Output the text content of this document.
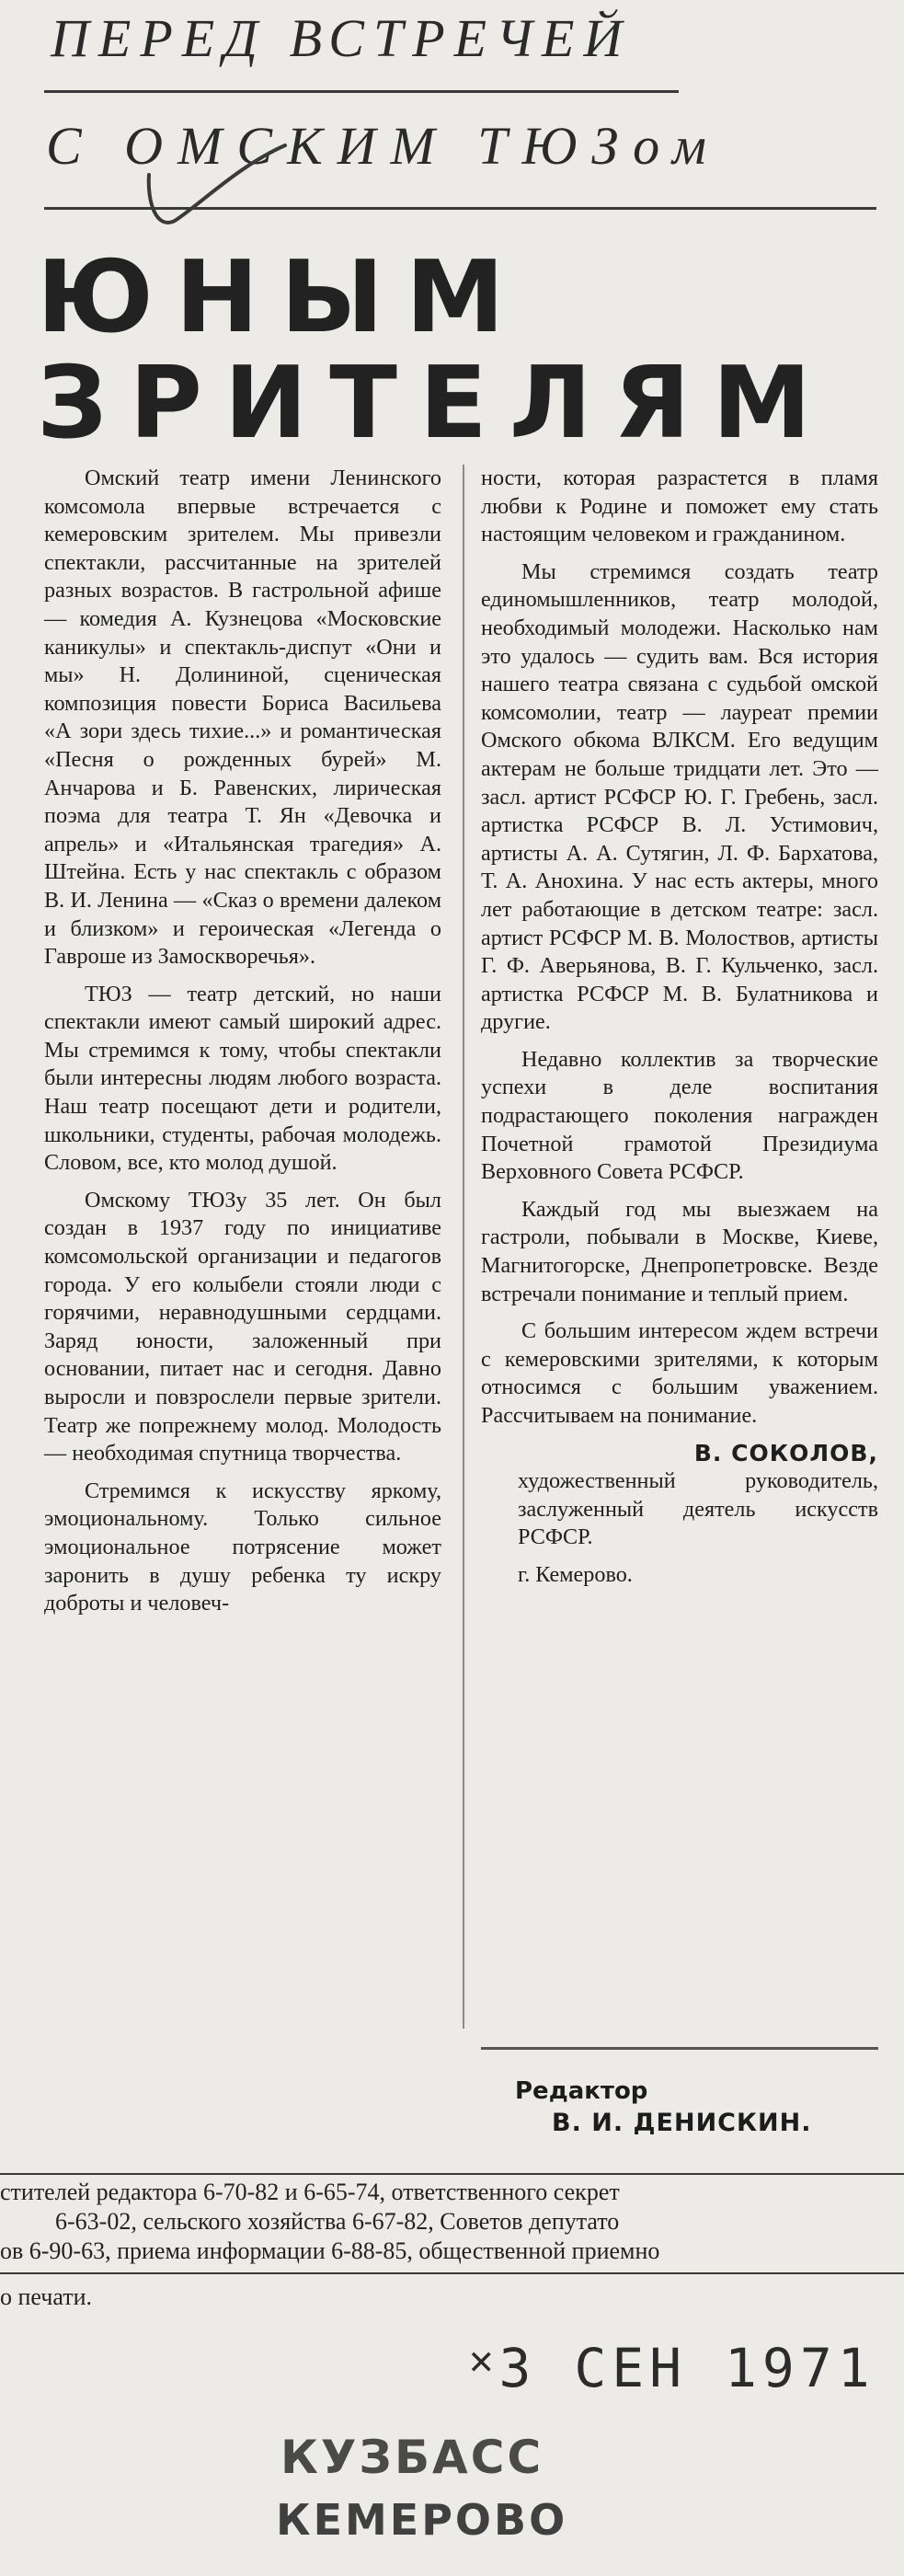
ПЕРЕД ВСТРЕЧЕЙ
С ОМСКИМ ТЮЗом
ЮНЫМ
ЗРИТЕЛЯМ

Омский театр имени Ленинского комсомола впервые встречается с кемеровским зрителем. Мы привезли спектакли, рассчитанные на зрителей разных возрастов. В гастрольной афише — комедия А. Кузнецова «Московские каникулы» и спектакль-диспут «Они и мы» Н. Долининой, сценическая композиция повести Бориса Васильева «А зори здесь тихие...» и романтическая «Песня о рожденных бурей» М. Анчарова и Б. Равенских, лирическая поэма для театра Т. Ян «Девочка и апрель» и «Итальянская трагедия» А. Штейна. Есть у нас спектакль с образом В. И. Ленина — «Сказ о времени далеком и близком» и героическая «Легенда о Гаврошe из Замоскворечья».

ТЮЗ — театр детский, но наши спектакли имеют самый широкий адрес. Мы стремимся к тому, чтобы спектакли были интересны людям любого возраста. Наш театр посещают дети и родители, школьники, студенты, рабочая молодежь. Словом, все, кто молод душой.

Омскому ТЮЗу 35 лет. Он был создан в 1937 году по инициативе комсомольской организации и педагогов города. У его колыбели стояли люди с горячими, неравнодушными сердцами. Заряд юности, заложенный при основании, питает нас и сегодня. Давно выросли и повзрослели первые зрители. Театр же попрежнему молод. Молодость — необходимая спутница творчества.

Стремимся к искусству яркому, эмоциональному. Только сильное эмоциональное потрясение может заронить в душу ребенка ту искру доброты и человеч-

ности, которая разрастется в пламя любви к Родине и поможет ему стать настоящим человеком и гражданином.

Мы стремимся создать театр единомышленников, театр молодой, необходимый молодежи. Насколько нам это удалось — судить вам. Вся история нашего театра связана с судьбой омской комсомолии, театр — лауреат премии Омского обкома ВЛКСМ. Его ведущим актерам не больше тридцати лет. Это — засл. артист РСФСР Ю. Г. Гребень, засл. артистка РСФСР В. Л. Устимович, артисты А. А. Сутягин, Л. Ф. Бархатова, Т. А. Анохина. У нас есть актеры, много лет работающие в детском театре: засл. артист РСФСР М. В. Молоствов, артисты Г. Ф. Аверьянова, В. Г. Кульченко, засл. артистка РСФСР М. В. Булатникова и другие.

Недавно коллектив за творческие успехи в деле воспитания подрастающего поколения награжден Почетной грамотой Президиума Верховного Совета РСФСР.

Каждый год мы выезжаем на гастроли, побывали в Москве, Киеве, Магнитогорске, Днепропетровске. Везде встречали понимание и теплый прием.

С большим интересом ждем встречи с кемеровскими зрителями, к которым относимся с большим уважением. Рассчитываем на понимание.

В. СОКОЛОВ,

художественный руководитель, заслуженный деятель искусств РСФСР.

г. Кемерово.

Редактор
В. И. ДЕНИСКИН.
стителей редактора 6-70-82 и 6-65-74, ответственного секрет
6-63-02, сельского хозяйства 6-67-82, Советов депутато
ов 6-90-63, приема информации 6-88-85, общественной приемно
о печати.
✕3 СЕН 1971
КУЗБАСС
КЕМЕРОВО
